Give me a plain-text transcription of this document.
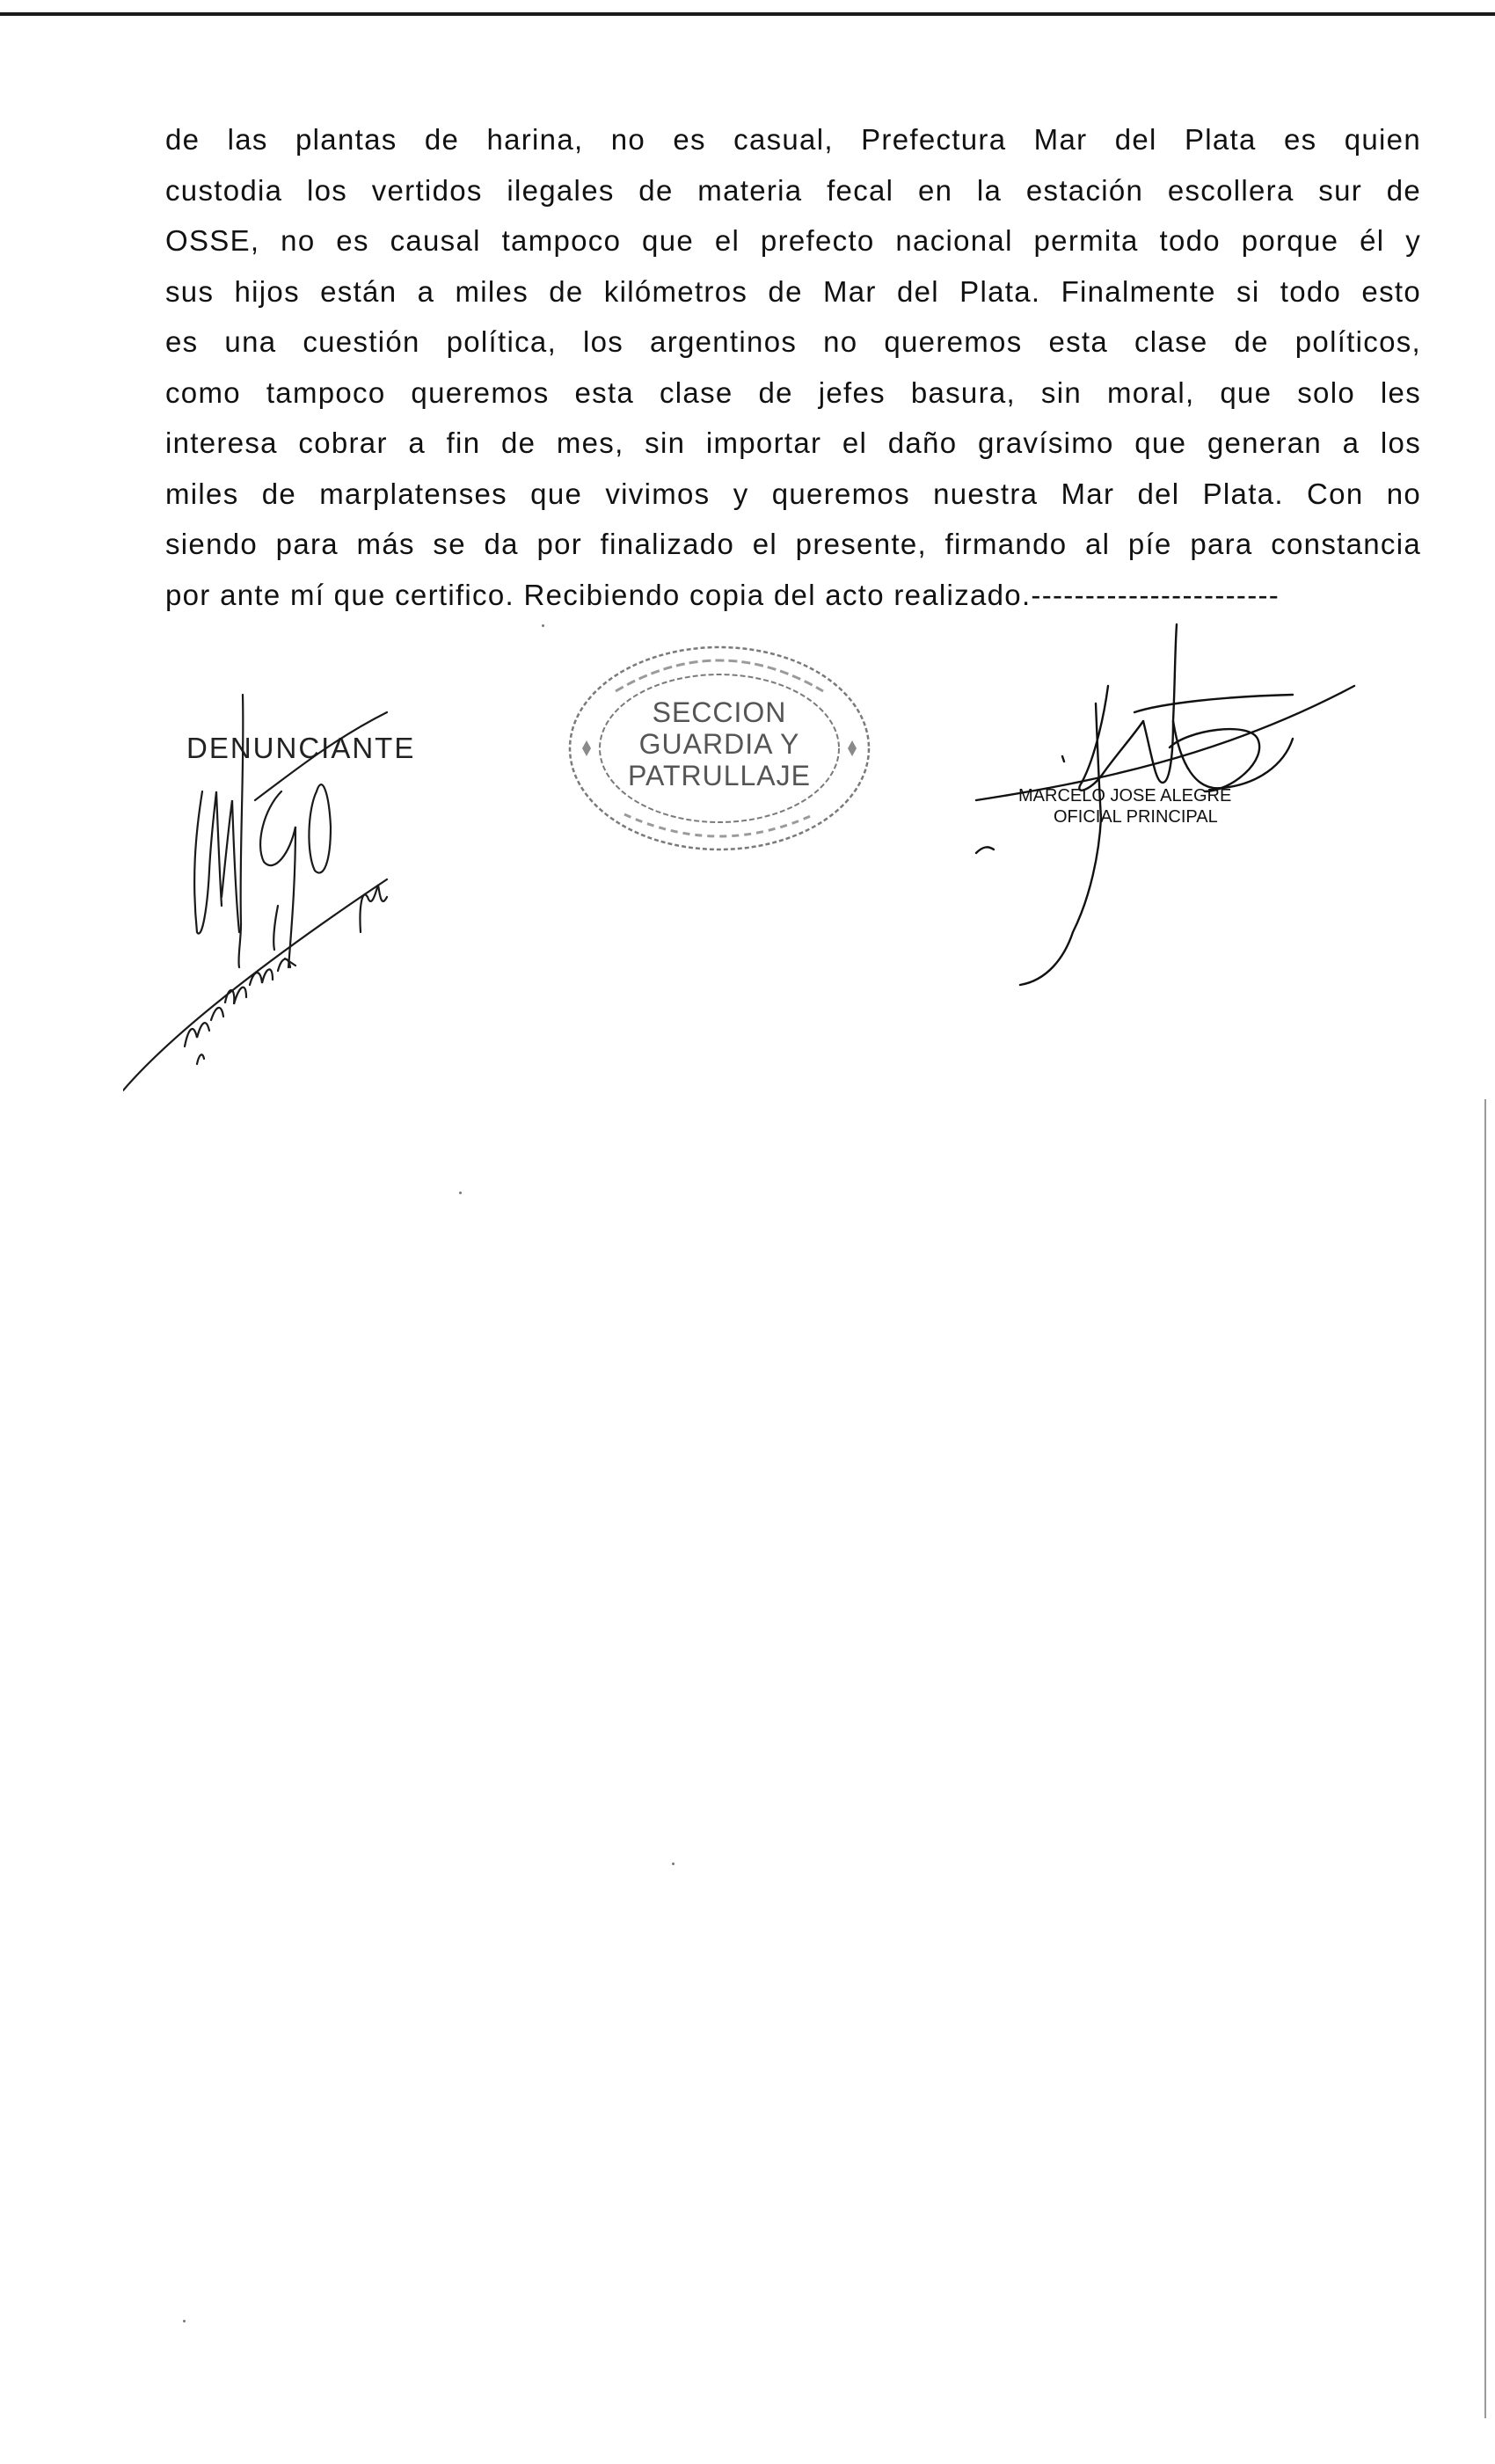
de las plantas de harina, no es casual, Prefectura Mar del Plata es quien
custodia los vertidos ilegales de materia fecal en la estación escollera sur de
OSSE, no es causal tampoco que el prefecto nacional permita todo porque él y
sus hijos están a miles de kilómetros de Mar del Plata. Finalmente si todo esto
es una cuestión política, los argentinos no queremos esta clase de políticos,
como tampoco queremos esta clase de jefes basura, sin moral, que solo les
interesa cobrar a fin de mes, sin importar el daño gravísimo que generan a los
miles de marplatenses que vivimos y queremos nuestra Mar del Plata. Con no
siendo para más se da por finalizado el presente, firmando al píe para constancia
por ante mí que certifico. Recibiendo copia del acto realizado.-----------------------
DENUNCIANTE
SECCION
GUARDIA Y
PATRULLAJE
MARCELO JOSE ALEGRE
OFICIAL PRINCIPAL
